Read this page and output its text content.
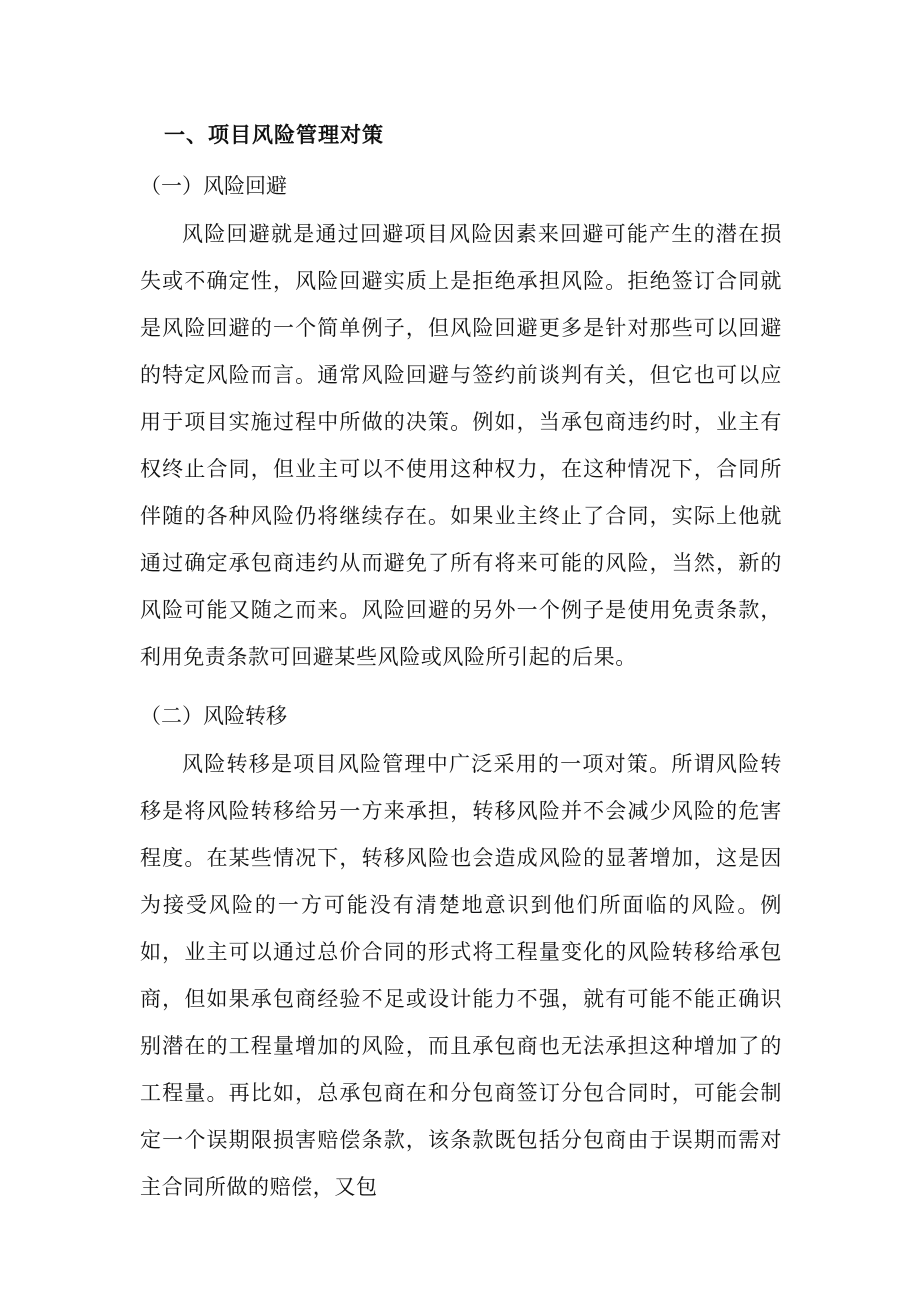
一、项目风险管理对策
（一）风险回避

风险回避就是通过回避项目风险因素来回避可能产生的潜在损失或不确定性，风险回避实质上是拒绝承担风险。拒绝签订合同就是风险回避的一个简单例子，但风险回避更多是针对那些可以回避的特定风险而言。通常风险回避与签约前谈判有关，但它也可以应用于项目实施过程中所做的决策。例如，当承包商违约时，业主有权终止合同，但业主可以不使用这种权力，在这种情况下，合同所伴随的各种风险仍将继续存在。如果业主终止了合同，实际上他就通过确定承包商违约从而避免了所有将来可能的风险，当然，新的风险可能又随之而来。风险回避的另外一个例子是使用免责条款，利用免责条款可回避某些风险或风险所引起的后果。

（二）风险转移

风险转移是项目风险管理中广泛采用的一项对策。所谓风险转移是将风险转移给另一方来承担，转移风险并不会减少风险的危害程度。在某些情况下，转移风险也会造成风险的显著增加，这是因为接受风险的一方可能没有清楚地意识到他们所面临的风险。例如，业主可以通过总价合同的形式将工程量变化的风险转移给承包商，但如果承包商经验不足或设计能力不强，就有可能不能正确识别潜在的工程量增加的风险，而且承包商也无法承担这种增加了的工程量。再比如，总承包商在和分包商签订分包合同时，可能会制定一个误期限损害赔偿条款，该条款既包括分包商由于误期而需对主合同所做的赔偿，又包
